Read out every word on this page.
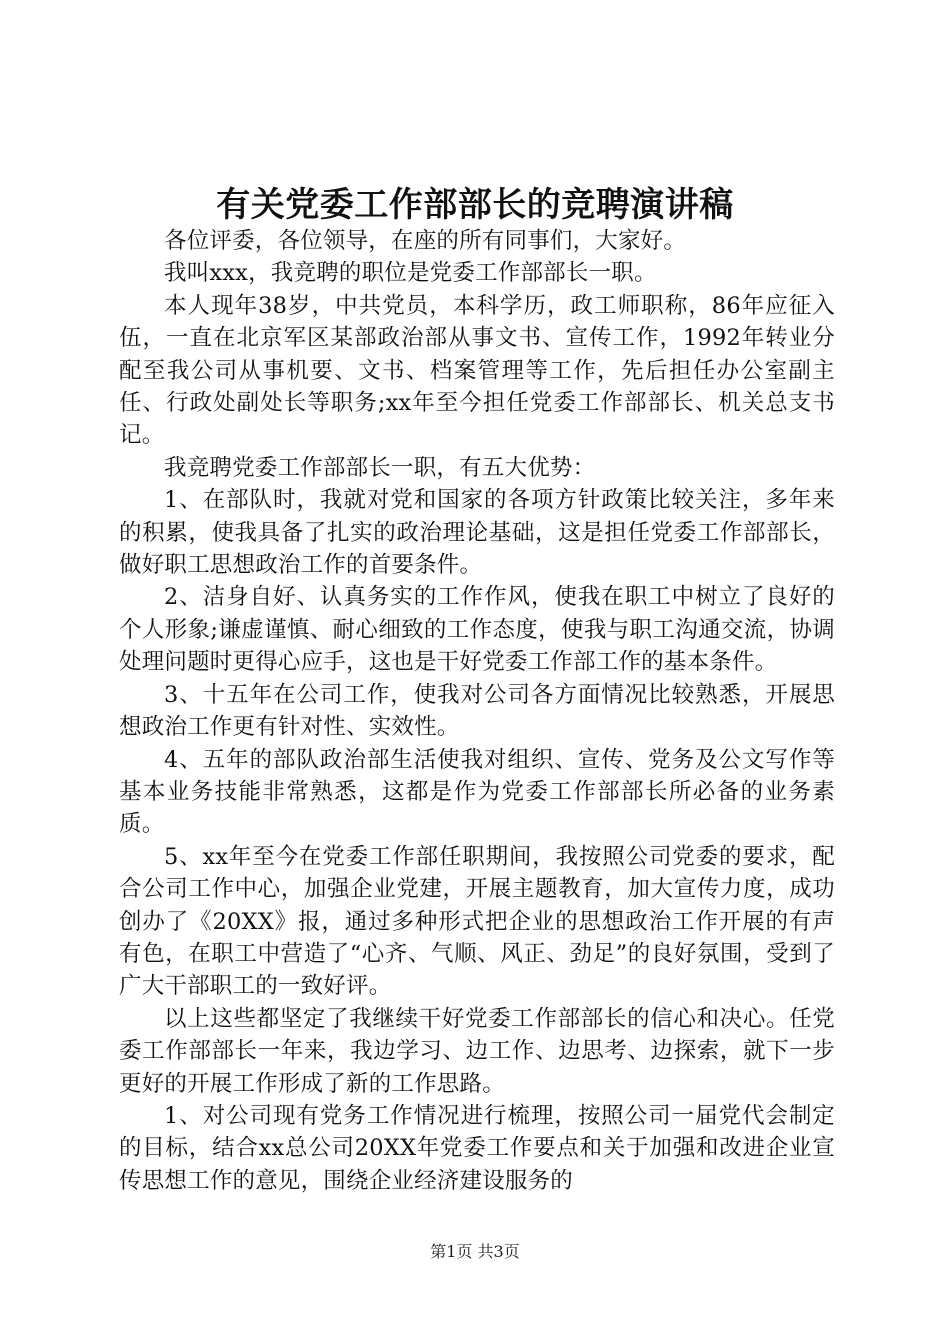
有关党委工作部部长的竞聘演讲稿

各位评委，各位领导，在座的所有同事们，大家好。

我叫xxx，我竞聘的职位是党委工作部部长一职。

本人现年38岁，中共党员，本科学历，政工师职称，86年应征入伍，一直在北京军区某部政治部从事文书、宣传工作，1992年转业分配至我公司从事机要、文书、档案管理等工作，先后担任办公室副主任、行政处副处长等职务;xx年至今担任党委工作部部长、机关总支书记。

我竞聘党委工作部部长一职，有五大优势：

1、在部队时，我就对党和国家的各项方针政策比较关注，多年来的积累，使我具备了扎实的政治理论基础，这是担任党委工作部部长，做好职工思想政治工作的首要条件。

2、洁身自好、认真务实的工作作风，使我在职工中树立了良好的个人形象;谦虚谨慎、耐心细致的工作态度，使我与职工沟通交流，协调处理问题时更得心应手，这也是干好党委工作部工作的基本条件。

3、十五年在公司工作，使我对公司各方面情况比较熟悉，开展思想政治工作更有针对性、实效性。

4、五年的部队政治部生活使我对组织、宣传、党务及公文写作等基本业务技能非常熟悉，这都是作为党委工作部部长所必备的业务素质。

5、xx年至今在党委工作部任职期间，我按照公司党委的要求，配合公司工作中心，加强企业党建，开展主题教育，加大宣传力度，成功创办了《20XX》报，通过多种形式把企业的思想政治工作开展的有声有色，在职工中营造了“心齐、气顺、风正、劲足”的良好氛围，受到了广大干部职工的一致好评。

以上这些都坚定了我继续干好党委工作部部长的信心和决心。任党委工作部部长一年来，我边学习、边工作、边思考、边探索，就下一步更好的开展工作形成了新的工作思路。

1、对公司现有党务工作情况进行梳理，按照公司一届党代会制定的目标，结合xx总公司20XX年党委工作要点和关于加强和改进企业宣传思想工作的意见，围绕企业经济建设服务的

第1页 共3页
